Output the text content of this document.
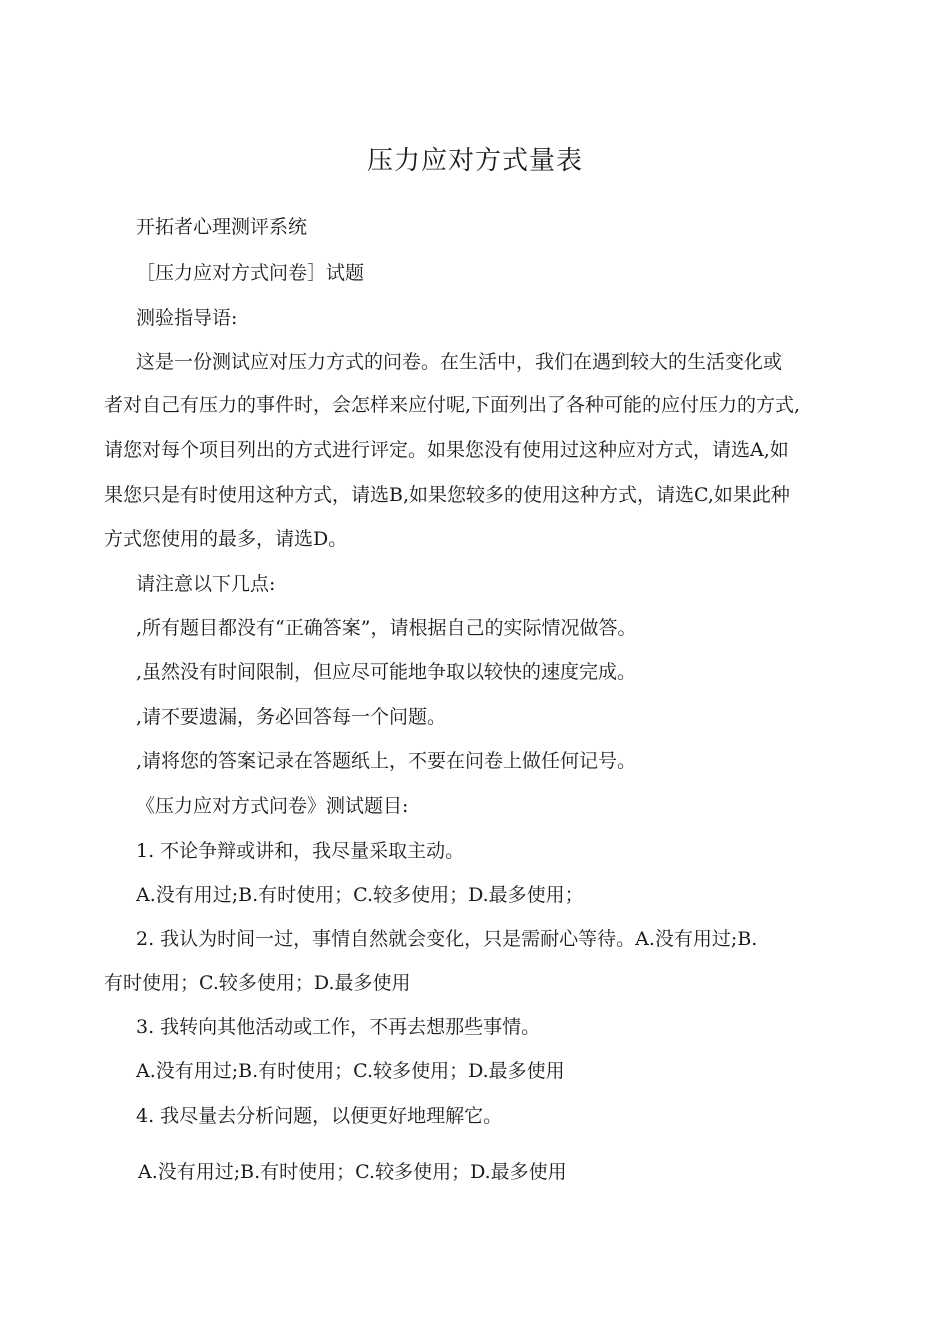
压力应对方式量表
开拓者心理测评系统
［压力应对方式问卷］试题
测验指导语:
这是一份测试应对压力方式的问卷。在生活中，我们在遇到较大的生活变化或
者对自己有压力的事件时，会怎样来应付呢,下面列出了各种可能的应付压力的方式,
请您对每个项目列出的方式进行评定。如果您没有使用过这种应对方式，请选A,如
果您只是有时使用这种方式，请选B,如果您较多的使用这种方式，请选C,如果此种
方式您使用的最多，请选D。
请注意以下几点:
,所有题目都没有“正确答案”，请根据自己的实际情况做答。
,虽然没有时间限制，但应尽可能地争取以较快的速度完成。
,请不要遗漏，务必回答每一个问题。
,请将您的答案记录在答题纸上，不要在问卷上做任何记号。
《压力应对方式问卷》测试题目:
1. 不论争辩或讲和，我尽量采取主动。
A.没有用过;B.有时使用；C.较多使用；D.最多使用；
2. 我认为时间一过，事情自然就会变化，只是需耐心等待。A.没有用过;B.
有时使用；C.较多使用；D.最多使用
3. 我转向其他活动或工作，不再去想那些事情。
A.没有用过;B.有时使用；C.较多使用；D.最多使用
4. 我尽量去分析问题，以便更好地理解它。
A.没有用过;B.有时使用；C.较多使用；D.最多使用
